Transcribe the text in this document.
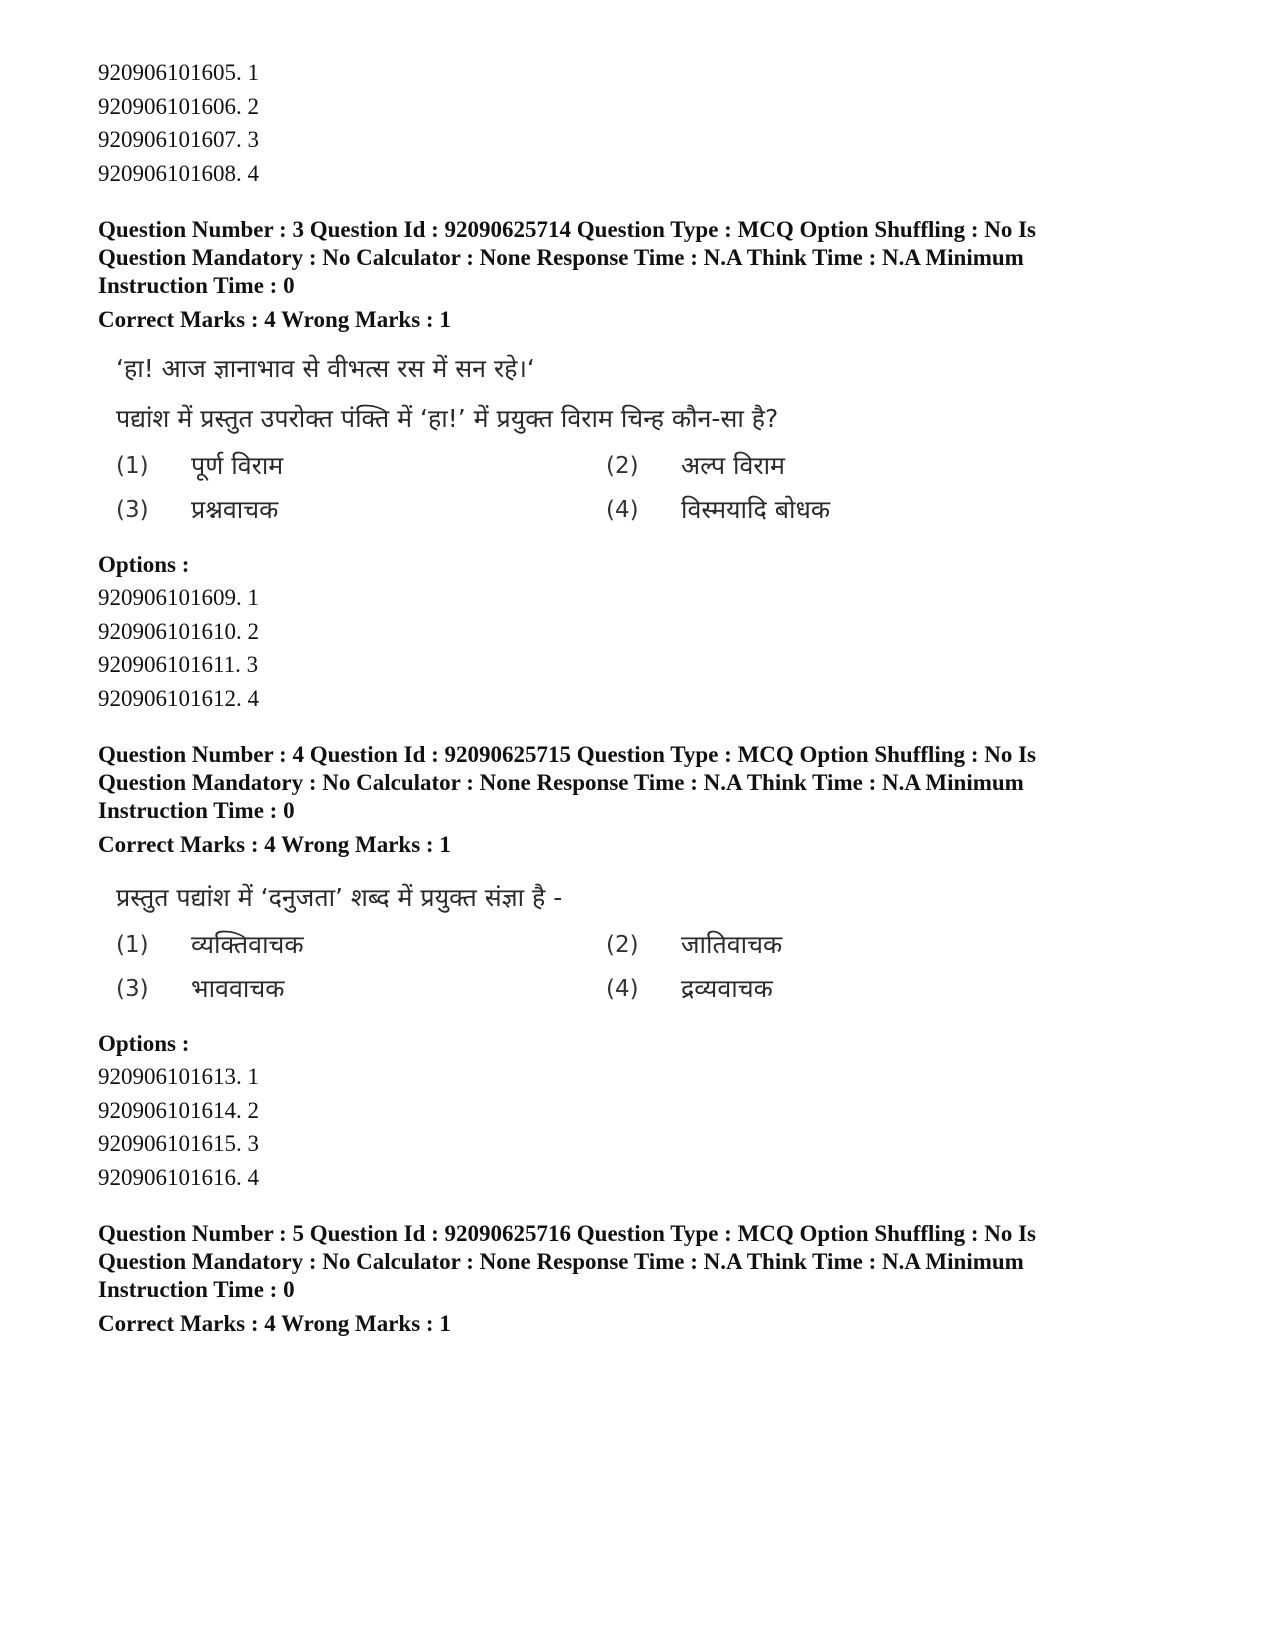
920906101605. 1

920906101606. 2

920906101607. 3

920906101608. 4

Question Number : 3 Question Id : 92090625714 Question Type : MCQ Option Shuffling : No Is Question Mandatory : No Calculator : None Response Time : N.A Think Time : N.A Minimum Instruction Time : 0

Correct Marks : 4 Wrong Marks : 1
‘हा! आज ज्ञानाभाव से वीभत्स रस में सन रहे।‘
पद्यांश में प्रस्तुत उपरोक्त पंक्ति में ‘हा!’ में प्रयुक्त विराम चिन्ह कौन-सा है?
(1)	पूर्ण विराम	(2)	अल्प विराम
(3)	प्रश्नवाचक	(4)	विस्मयादि बोधक
Options :

920906101609. 1

920906101610. 2

920906101611. 3

920906101612. 4

Question Number : 4 Question Id : 92090625715 Question Type : MCQ Option Shuffling : No Is Question Mandatory : No Calculator : None Response Time : N.A Think Time : N.A Minimum Instruction Time : 0

Correct Marks : 4 Wrong Marks : 1
प्रस्तुत पद्यांश में ‘दनुजता’ शब्द में प्रयुक्त संज्ञा है -
(1)	व्यक्तिवाचक	(2)	जातिवाचक
(3)	भाववाचक	(4)	द्रव्यवाचक
Options :

920906101613. 1

920906101614. 2

920906101615. 3

920906101616. 4

Question Number : 5 Question Id : 92090625716 Question Type : MCQ Option Shuffling : No Is Question Mandatory : No Calculator : None Response Time : N.A Think Time : N.A Minimum Instruction Time : 0

Correct Marks : 4 Wrong Marks : 1
